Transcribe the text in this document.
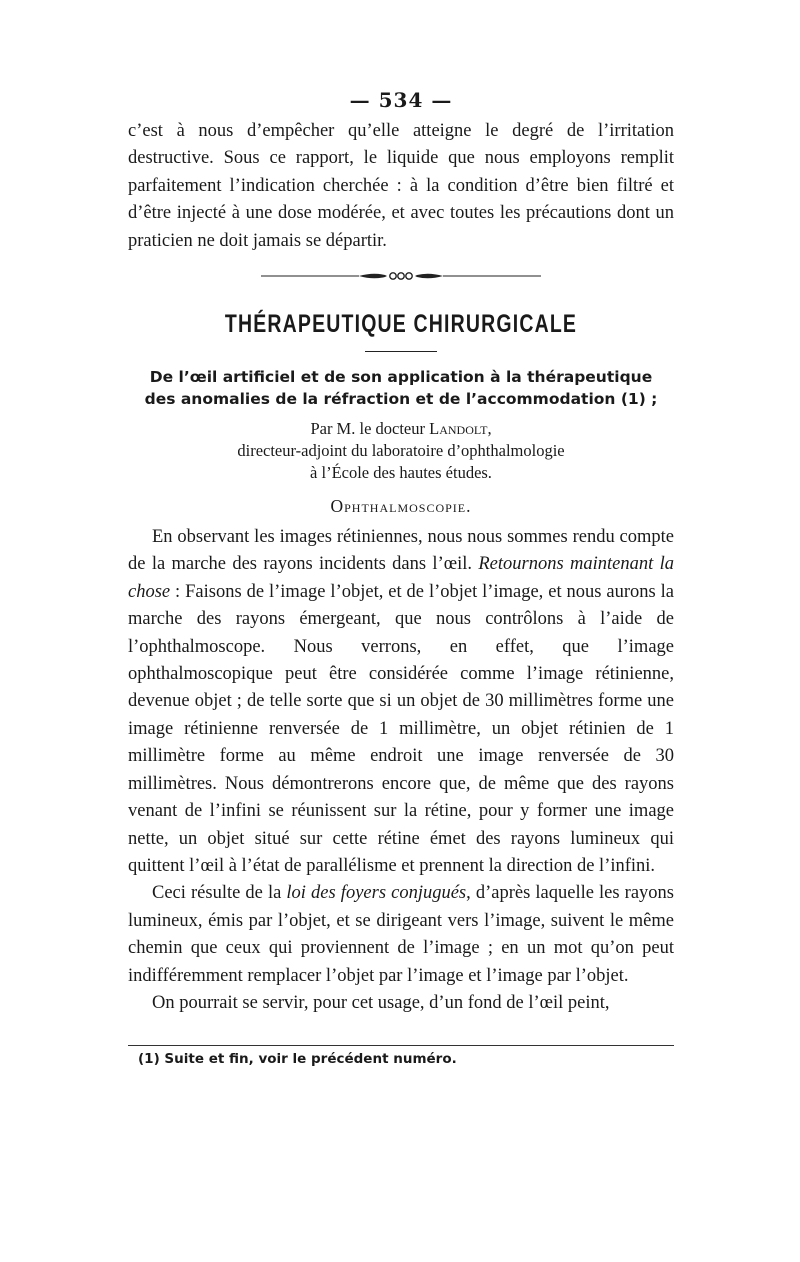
— 534 —

c’est à nous d’empêcher qu’elle atteigne le degré de l’irritation destructive. Sous ce rapport, le liquide que nous employons remplit parfaitement l’indication cherchée : à la condition d’être bien filtré et d’être injecté à une dose modérée, et avec toutes les précautions dont un praticien ne doit jamais se départir.

THÉRAPEUTIQUE CHIRURGICALE
De l’œil artificiel et de son application à la thérapeutique
des anomalies de la réfraction et de l’accommodation (1) ;

Par M. le docteur Landolt,

directeur-adjoint du laboratoire d’ophthalmologie

à l’École des hautes études.

Ophthalmoscopie.

En observant les images rétiniennes, nous nous sommes rendu compte de la marche des rayons incidents dans l’œil. Retournons maintenant la chose : Faisons de l’image l’objet, et de l’objet l’image, et nous aurons la marche des rayons émergeant, que nous contrôlons à l’aide de l’ophthalmoscope. Nous verrons, en effet, que l’image ophthalmoscopique peut être considérée comme l’image rétinienne, devenue objet ; de telle sorte que si un objet de 30 millimètres forme une image rétinienne renversée de 1 millimètre, un objet rétinien de 1 millimètre forme au même endroit une image renversée de 30 millimètres. Nous démontrerons encore que, de même que des rayons venant de l’infini se réunissent sur la rétine, pour y former une image nette, un objet situé sur cette rétine émet des rayons lumineux qui quittent l’œil à l’état de parallélisme et prennent la direction de l’infini.

Ceci résulte de la loi des foyers conjugués, d’après laquelle les rayons lumineux, émis par l’objet, et se dirigeant vers l’image, suivent le même chemin que ceux qui proviennent de l’image ; en un mot qu’on peut indifféremment remplacer l’objet par l’image et l’image par l’objet.

On pourrait se servir, pour cet usage, d’un fond de l’œil peint,

(1) Suite et fin, voir le précédent numéro.
